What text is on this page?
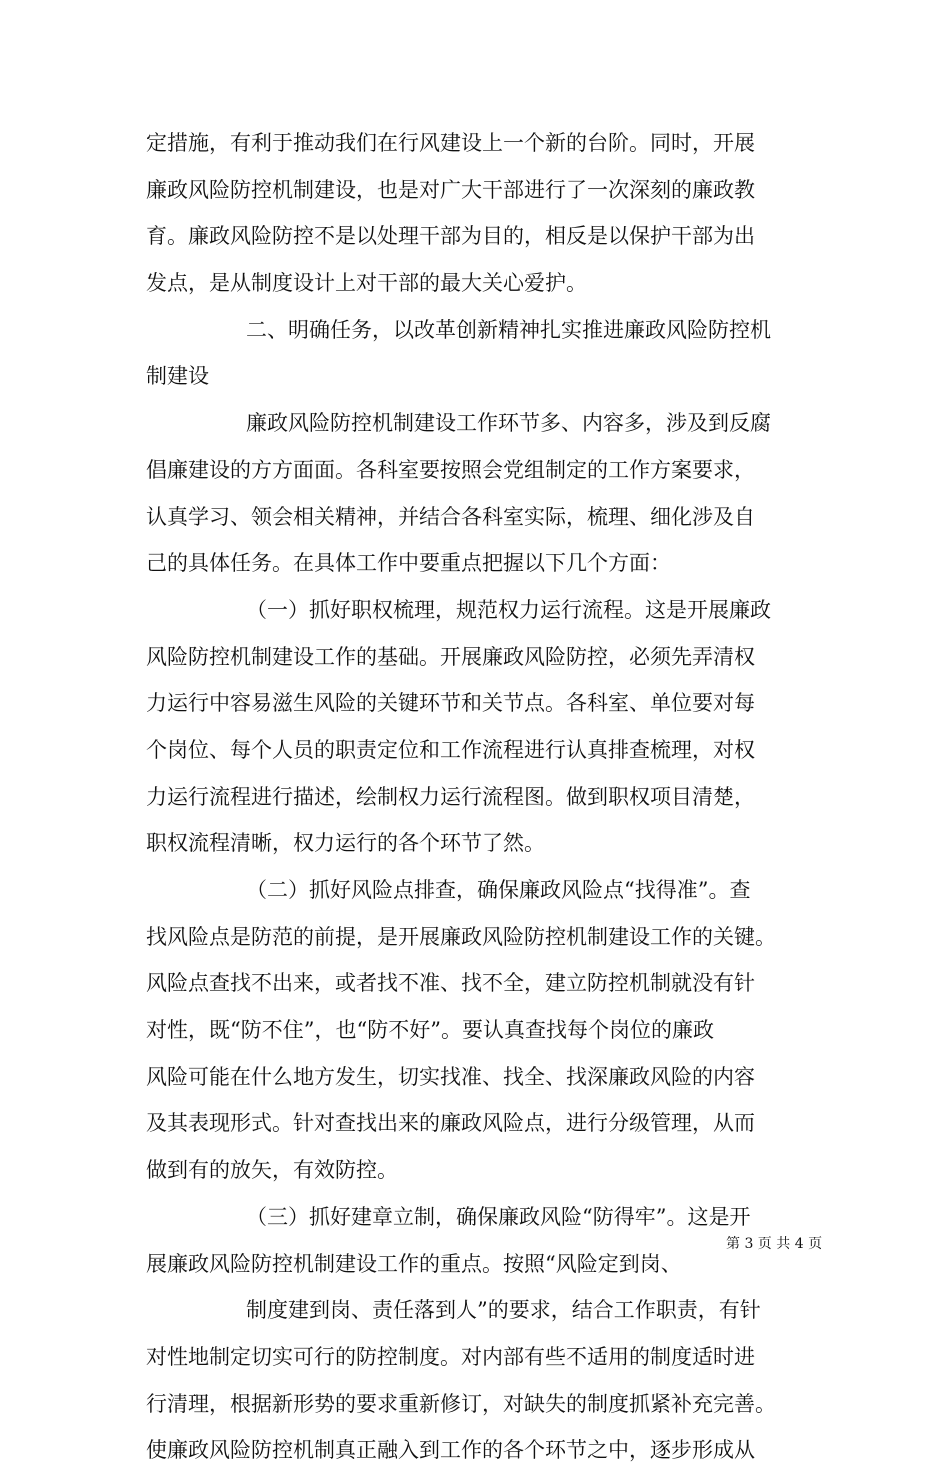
定措施，有利于推动我们在行风建设上一个新的台阶。同时，开展
廉政风险防控机制建设，也是对广大干部进行了一次深刻的廉政教
育。廉政风险防控不是以处理干部为目的，相反是以保护干部为出
发点，是从制度设计上对干部的最大关心爱护。
二、明确任务，以改革创新精神扎实推进廉政风险防控机
制建设
廉政风险防控机制建设工作环节多、内容多，涉及到反腐
倡廉建设的方方面面。各科室要按照会党组制定的工作方案要求，
认真学习、领会相关精神，并结合各科室实际，梳理、细化涉及自
己的具体任务。在具体工作中要重点把握以下几个方面：
（一）抓好职权梳理，规范权力运行流程。这是开展廉政
风险防控机制建设工作的基础。开展廉政风险防控，必须先弄清权
力运行中容易滋生风险的关键环节和关节点。各科室、单位要对每
个岗位、每个人员的职责定位和工作流程进行认真排查梳理，对权
力运行流程进行描述，绘制权力运行流程图。做到职权项目清楚，
职权流程清晰，权力运行的各个环节了然。
（二）抓好风险点排查，确保廉政风险点“找得准”。查
找风险点是防范的前提，是开展廉政风险防控机制建设工作的关键。
风险点查找不出来，或者找不准、找不全，建立防控机制就没有针
对性，既“防不住”，也“防不好”。要认真查找每个岗位的廉政
风险可能在什么地方发生，切实找准、找全、找深廉政风险的内容
及其表现形式。针对查找出来的廉政风险点，进行分级管理，从而
做到有的放矢，有效防控。
（三）抓好建章立制，确保廉政风险“防得牢”。这是开
展廉政风险防控机制建设工作的重点。按照“风险定到岗、
制度建到岗、责任落到人”的要求，结合工作职责，有针
对性地制定切实可行的防控制度。对内部有些不适用的制度适时进
行清理，根据新形势的要求重新修订，对缺失的制度抓紧补充完善。
使廉政风险防控机制真正融入到工作的各个环节之中，逐步形成从
第 3 页 共 4 页
